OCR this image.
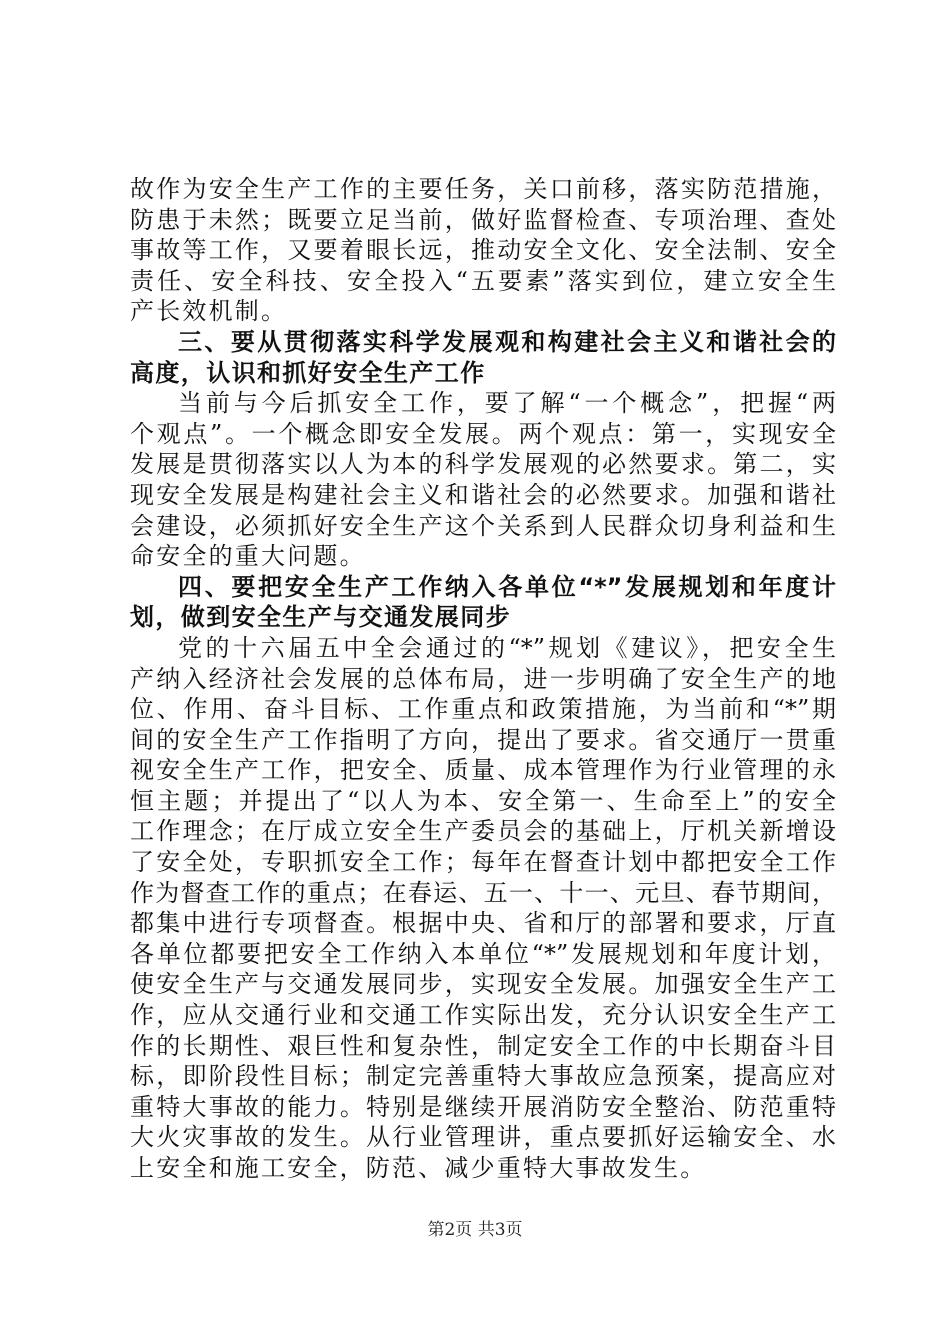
故作为安全生产工作的主要任务，关口前移，落实防范措施，
防患于未然；既要立足当前，做好监督检查、专项治理、查处
事故等工作，又要着眼长远，推动安全文化、安全法制、安全
责任、安全科技、安全投入“五要素”落实到位，建立安全生
产长效机制。
三、要从贯彻落实科学发展观和构建社会主义和谐社会的
高度，认识和抓好安全生产工作
当前与今后抓安全工作，要了解“一个概念”，把握“两
个观点”。一个概念即安全发展。两个观点：第一，实现安全
发展是贯彻落实以人为本的科学发展观的必然要求。第二，实
现安全发展是构建社会主义和谐社会的必然要求。加强和谐社
会建设，必须抓好安全生产这个关系到人民群众切身利益和生
命安全的重大问题。
四、要把安全生产工作纳入各单位“*”发展规划和年度计
划，做到安全生产与交通发展同步
党的十六届五中全会通过的“*”规划《建议》，把安全生
产纳入经济社会发展的总体布局，进一步明确了安全生产的地
位、作用、奋斗目标、工作重点和政策措施，为当前和“*”期
间的安全生产工作指明了方向，提出了要求。省交通厅一贯重
视安全生产工作，把安全、质量、成本管理作为行业管理的永
恒主题；并提出了“以人为本、安全第一、生命至上”的安全
工作理念；在厅成立安全生产委员会的基础上，厅机关新增设
了安全处，专职抓安全工作；每年在督查计划中都把安全工作
作为督查工作的重点；在春运、五一、十一、元旦、春节期间，
都集中进行专项督查。根据中央、省和厅的部署和要求，厅直
各单位都要把安全工作纳入本单位“*”发展规划和年度计划，
使安全生产与交通发展同步，实现安全发展。加强安全生产工
作，应从交通行业和交通工作实际出发，充分认识安全生产工
作的长期性、艰巨性和复杂性，制定安全工作的中长期奋斗目
标，即阶段性目标；制定完善重特大事故应急预案，提高应对
重特大事故的能力。特别是继续开展消防安全整治、防范重特
大火灾事故的发生。从行业管理讲，重点要抓好运输安全、水
上安全和施工安全，防范、减少重特大事故发生。
第2页 共3页
